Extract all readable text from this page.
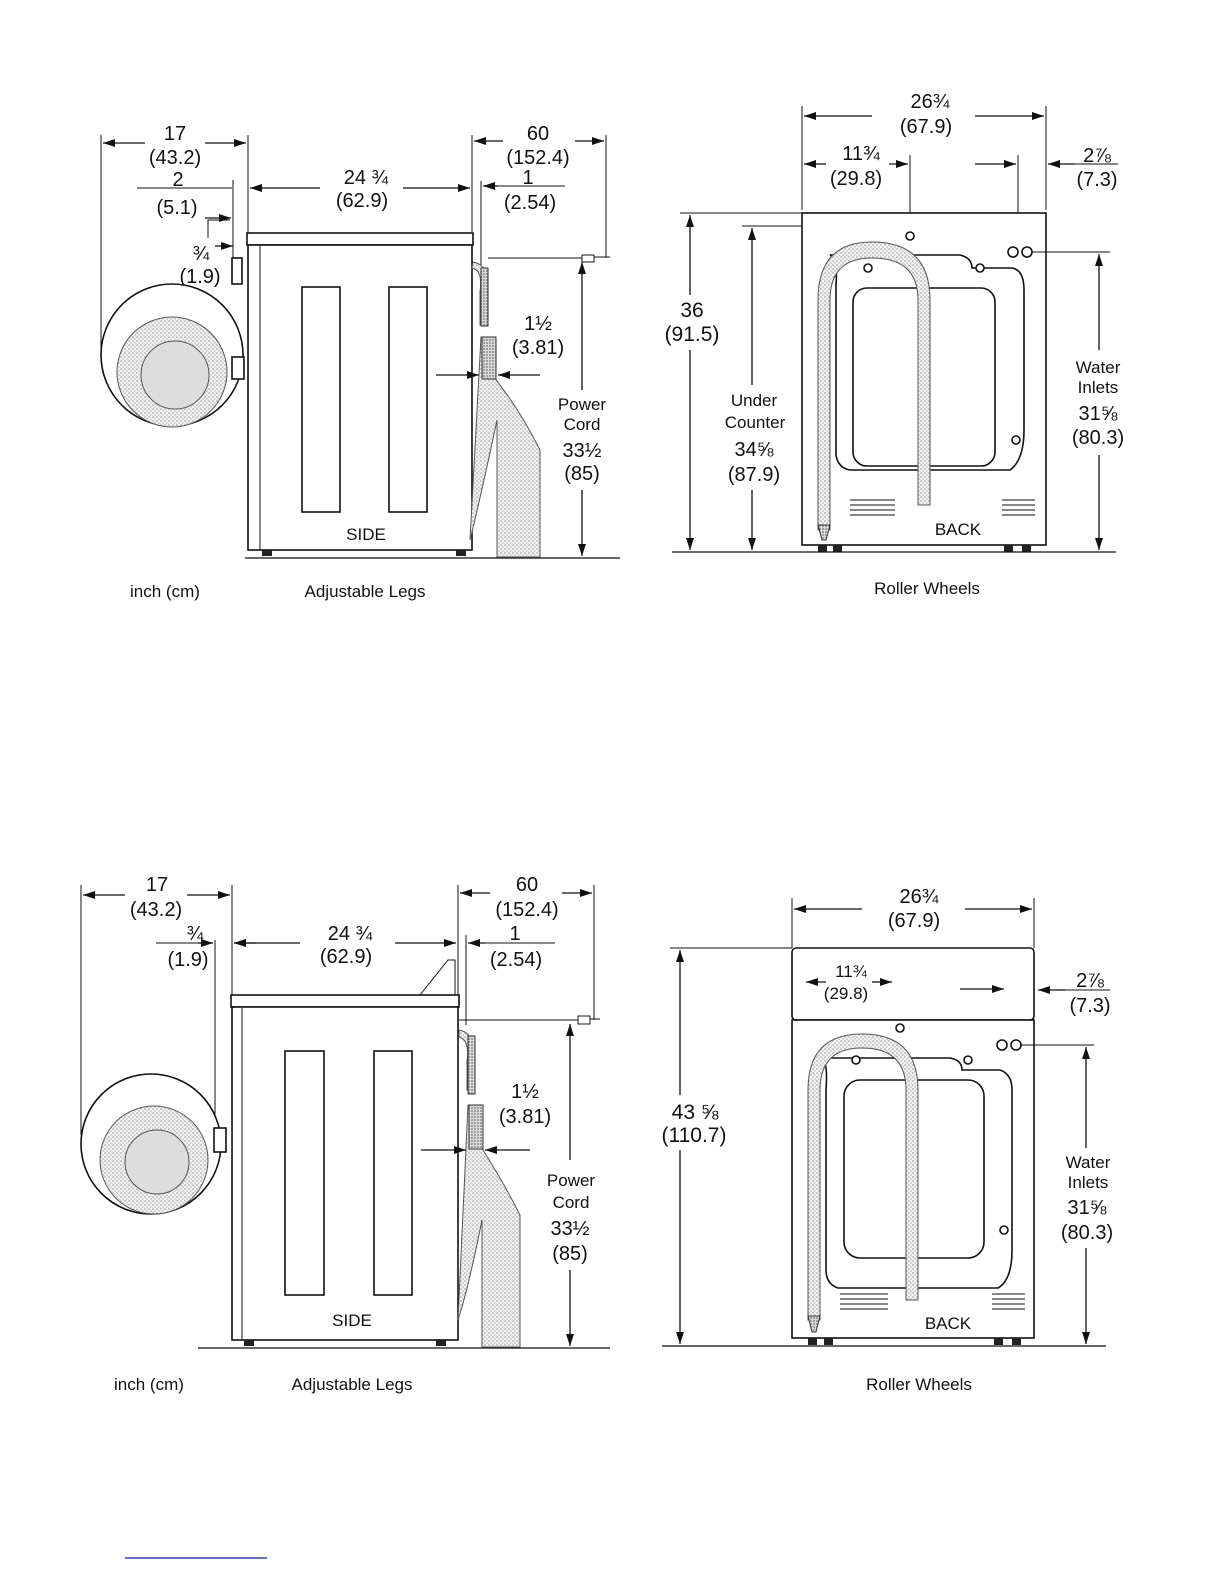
17
(43.2)
2
(5.1)
¾
(1.9)
24 ¾
(62.9)
60
(152.4)
1
(2.54)
SIDE
1½
(3.81)
Power
Cord
33½
(85)
inch (cm)	Adjustable Legs
26¾
(67.9)
11¾
(29.8)
2⅞
(7.3)
BACK
36
(91.5)
Under
Counter
34⅝
(87.9)
Water
Inlets
31⅝
(80.3)
Roller Wheels
17
(43.2)
¾
(1.9)
24 ¾
(62.9)
60
(152.4)
1
(2.54)
SIDE
1½
(3.81)
Power
Cord
33½
(85)
inch (cm)	Adjustable Legs
26¾
(67.9)
11¾
(29.8)
2⅞
(7.3)
BACK
43 ⅝
(110.7)
Water
Inlets
31⅝
(80.3)
Roller Wheels
